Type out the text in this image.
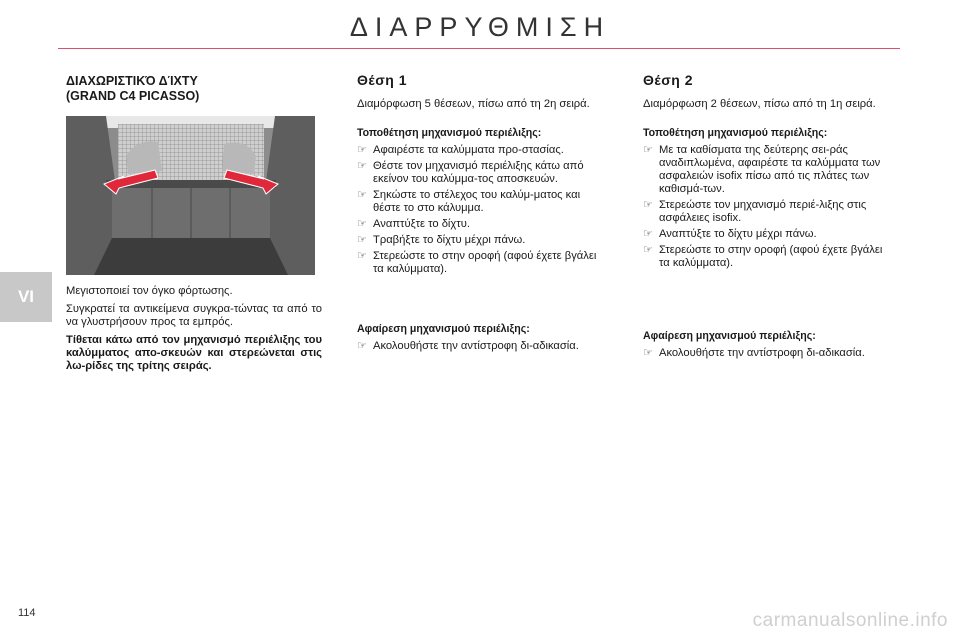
ΔΙΑΡΡΥΘΜΙΣΗ
VI
114	carmanualsonline.info
ΔΙΑΧΩΡΙΣΤΙΚΌ ΔΊΧΤΥ
(GRAND C4 PICASSO)

Μεγιστοποιεί τον όγκο φόρτωσης.

Συγκρατεί τα αντικείμενα συγκρα-τώντας τα από το να γλυστρήσουν προς τα εμπρός.

Τίθεται κάτω από τον μηχανισμό περιέλιξης του καλύμματος απο-σκευών και στερεώνεται στις λω-ρίδες της τρίτης σειράς.

Θέση 1

Διαμόρφωση 5 θέσεων, πίσω από τη 2η σειρά.

Τοποθέτηση μηχανισμού περιέλιξης:
☞ Αφαιρέστε τα καλύμματα προ-στασίας.
☞ Θέστε τον μηχανισμό περιέλιξης κάτω από εκείνον του καλύμμα-τος αποσκευών.
☞ Σηκώστε το στέλεχος του καλύμ-ματος και θέστε το στο κάλυμμα.
☞ Αναπτύξτε το δίχτυ.
☞ Τραβήξτε το δίχτυ μέχρι πάνω.
☞ Στερεώστε το στην οροφή (αφού έχετε βγάλει τα καλύμματα).
Αφαίρεση μηχανισμού περιέλιξης:
☞ Ακολουθήστε την αντίστροφη δι-αδικασία.
Θέση 2

Διαμόρφωση 2 θέσεων, πίσω από τη 1η σειρά.

Τοποθέτηση μηχανισμού περιέλιξης:
☞ Με τα καθίσματα της δεύτερης σει-ράς αναδιπλωμένα, αφαιρέστε τα καλύμματα των ασφαλειών isofix πίσω από τις πλάτες των καθισμά-των.
☞ Στερεώστε τον μηχανισμό περιέ-λιξης στις ασφάλειες isofix.
☞ Αναπτύξτε το δίχτυ μέχρι πάνω.
☞ Στερεώστε το στην οροφή (αφού έχετε βγάλει τα καλύμματα).
Αφαίρεση μηχανισμού περιέλιξης:
☞ Ακολουθήστε την αντίστροφη δι-αδικασία.
